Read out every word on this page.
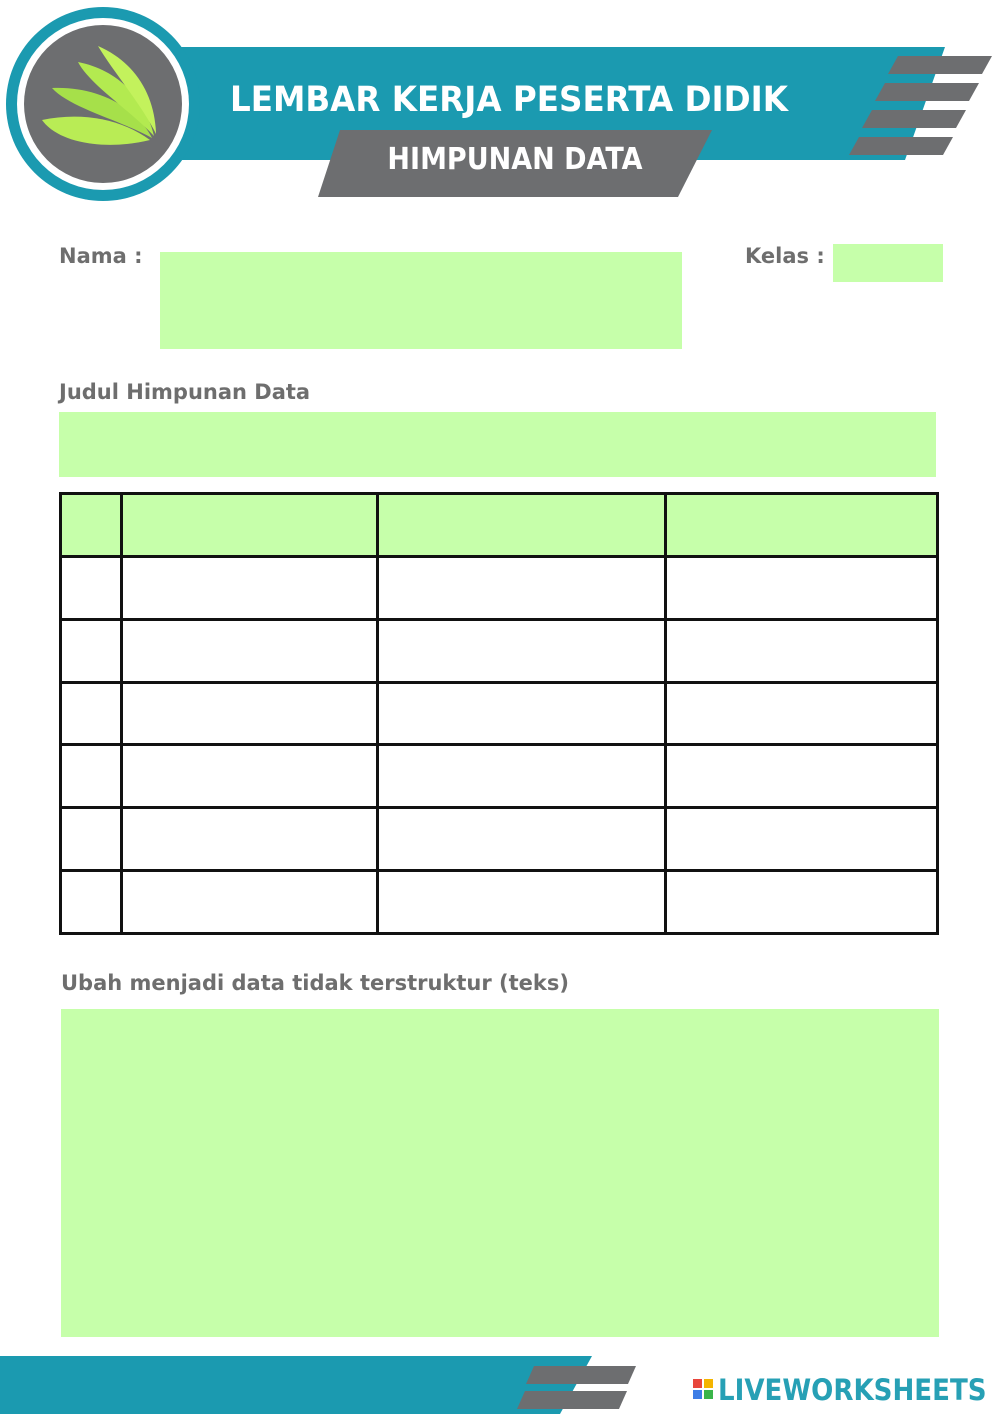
LEMBAR KERJA PESERTA DIDIK
HIMPUNAN DATA
Nama :	Kelas :
Judul Himpunan Data

Ubah menjadi data tidak terstruktur (teks)
LIVEWORKSHEETS
